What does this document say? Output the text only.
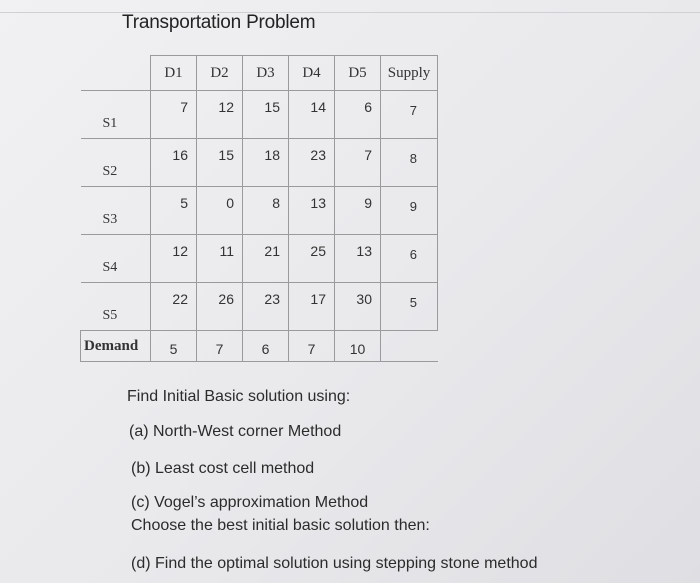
Transportation Problem
	D1	D2	D3	D4	D5	Supply

S1	7	12	15	14	6	7

S2	16	15	18	23	7	8

S3	5	0	8	13	9	9

S4	12	11	21	25	13	6

S5	22	26	23	17	30	5

Demand	5	7	6	7	10	

Find Initial Basic solution using:
(a) North-West corner Method
(b) Least cost cell method
(c) Vogel’s approximation Method
Choose the best initial basic solution then:
(d) Find the optimal solution using stepping stone method
